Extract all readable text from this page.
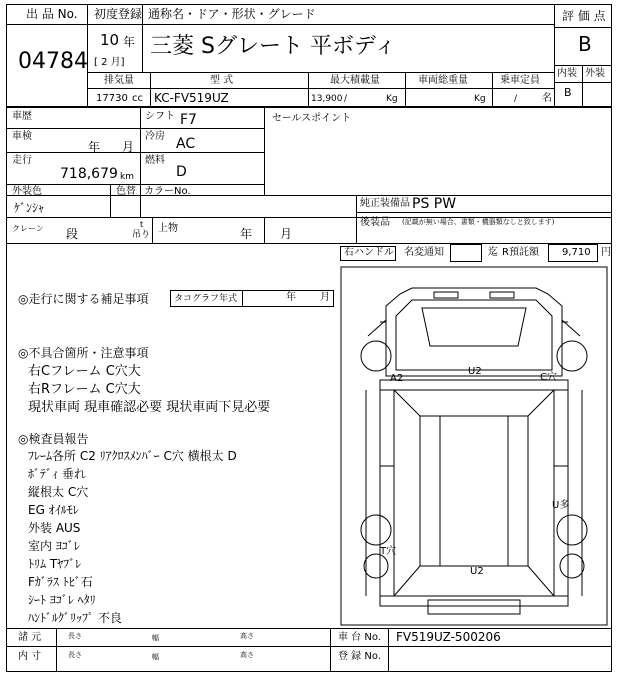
出 品 No.
04784
初度登録
10 年
[ 2 月]
通称名・ドア・形状・グレード
三菱 Sグレート 平ボディ
評 価 点
B
内装 外装
B
排気量	型 式	最大積載量	車両総重量	乗車定員
17730 cc KC-FV519UZ	13,900 /	Kg	Kg	/ 名
車歴	シフト F7	セールスポイント
車検
年 月
冷房 AC
走行
718,679 km
燃料
D
外装色
ｹﾞﾝｼｬ
色替 カラーNo.
純正装備品 PS PW
後装品 (記載が無い場合、書類・機器類なしと致します)
クレーン 段
t
吊り
上物	年 月
右ハンドル 名変通知	迄 R預託額 9,710 円
◎走行に関する補足事項	タコグラフ年式	年 月
◎不具合箇所・注意事項
右Cフレーム C穴大
右Rフレーム C穴大
現状車両 現車確認必要 現状車両下見必要
◎検査員報告
ﾌﾚｰﾑ各所 C2 ﾘｱｸﾛｽﾒﾝﾊﾞｰ C穴 横根太 D
ﾎﾞﾃﾞｨ 垂れ
縦根太 C穴
EG ｵｲﾙﾓﾚ
外装 AUS
室内 ﾖｺﾞﾚ
ﾄﾘﾑ Tﾔﾌﾞﾚ
Fｶﾞﾗｽ ﾄﾋﾞ石
ｼｰﾄ ﾖｺﾞﾚ ﾍﾀﾘ
ﾊﾝﾄﾞﾙｸﾞﾘｯﾌﾟ 不良
A2
U2
C穴
U多
T穴
U2
諸 元	長さ	幅	高さ
内 寸	長さ	幅	高さ
車 台 No. FV519UZ-500206
登 録 No.
